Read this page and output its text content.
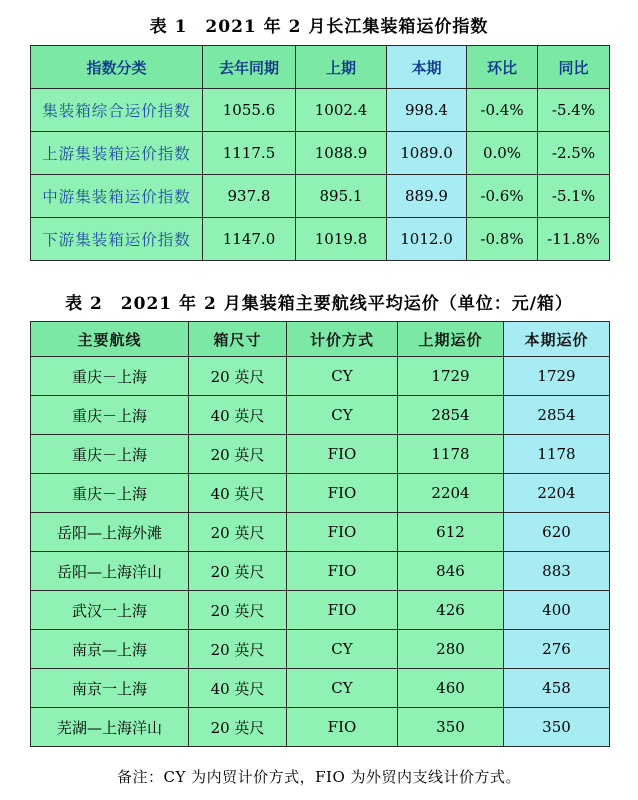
表 1　2021 年 2 月长江集装箱运价指数
指数分类	去年同期	上期	本期	环比	同比
集装箱综合运价指数	1055.6	1002.4	998.4	-0.4%	-5.4%
上游集装箱运价指数	1117.5	1088.9	1089.0	0.0%	-2.5%
中游集装箱运价指数	937.8	895.1	889.9	-0.6%	-5.1%
下游集装箱运价指数	1147.0	1019.8	1012.0	-0.8%	-11.8%
表 2　2021 年 2 月集装箱主要航线平均运价（单位：元/箱）
主要航线	箱尺寸	计价方式	上期运价	本期运价
重庆－上海	20 英尺	CY	1729	1729
重庆－上海	40 英尺	CY	2854	2854
重庆－上海	20 英尺	FIO	1178	1178
重庆－上海	40 英尺	FIO	2204	2204
岳阳—上海外滩	20 英尺	FIO	612	620
岳阳—上海洋山	20 英尺	FIO	846	883
武汉一上海	20 英尺	FIO	426	400
南京—上海	20 英尺	CY	280	276
南京一上海	40 英尺	CY	460	458
芜湖—上海洋山	20 英尺	FIO	350	350
备注：CY 为内贸计价方式，FIO 为外贸内支线计价方式。
